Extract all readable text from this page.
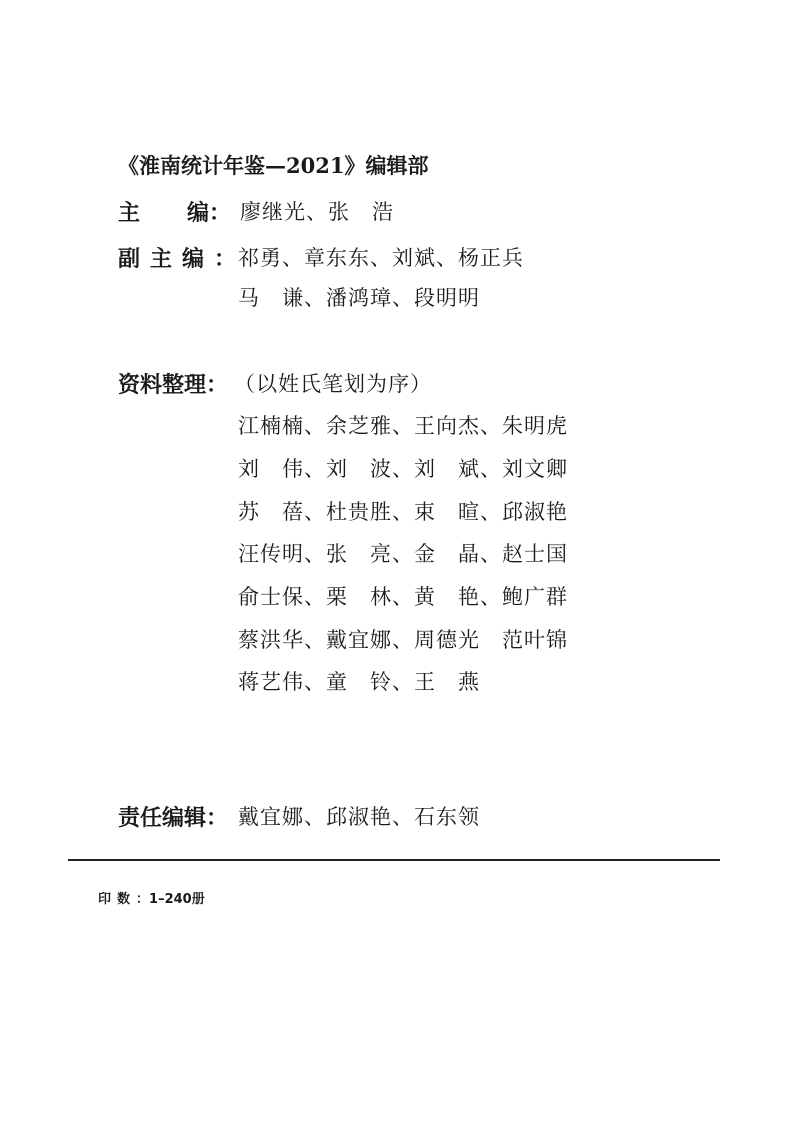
《淮南统计年鉴—2021》编辑部
主 编： 廖继光、张　浩
副主编： 祁勇、章东东、刘斌、杨正兵
马　谦、潘鸿璋、段明明
资料整理： （以姓氏笔划为序）
江楠楠、余芝雅、王向杰、朱明虎
刘　伟、刘　波、刘　斌、刘文卿
苏　蓓、杜贵胜、束　暄、邱淑艳
汪传明、张　亮、金　晶、赵士国
俞士保、栗　林、黄　艳、鲍广群
蔡洪华、戴宜娜、周德光　范叶锦
蒋艺伟、童　铃、王　燕
责任编辑： 戴宜娜、邱淑艳、石东领
印数：1–240册
